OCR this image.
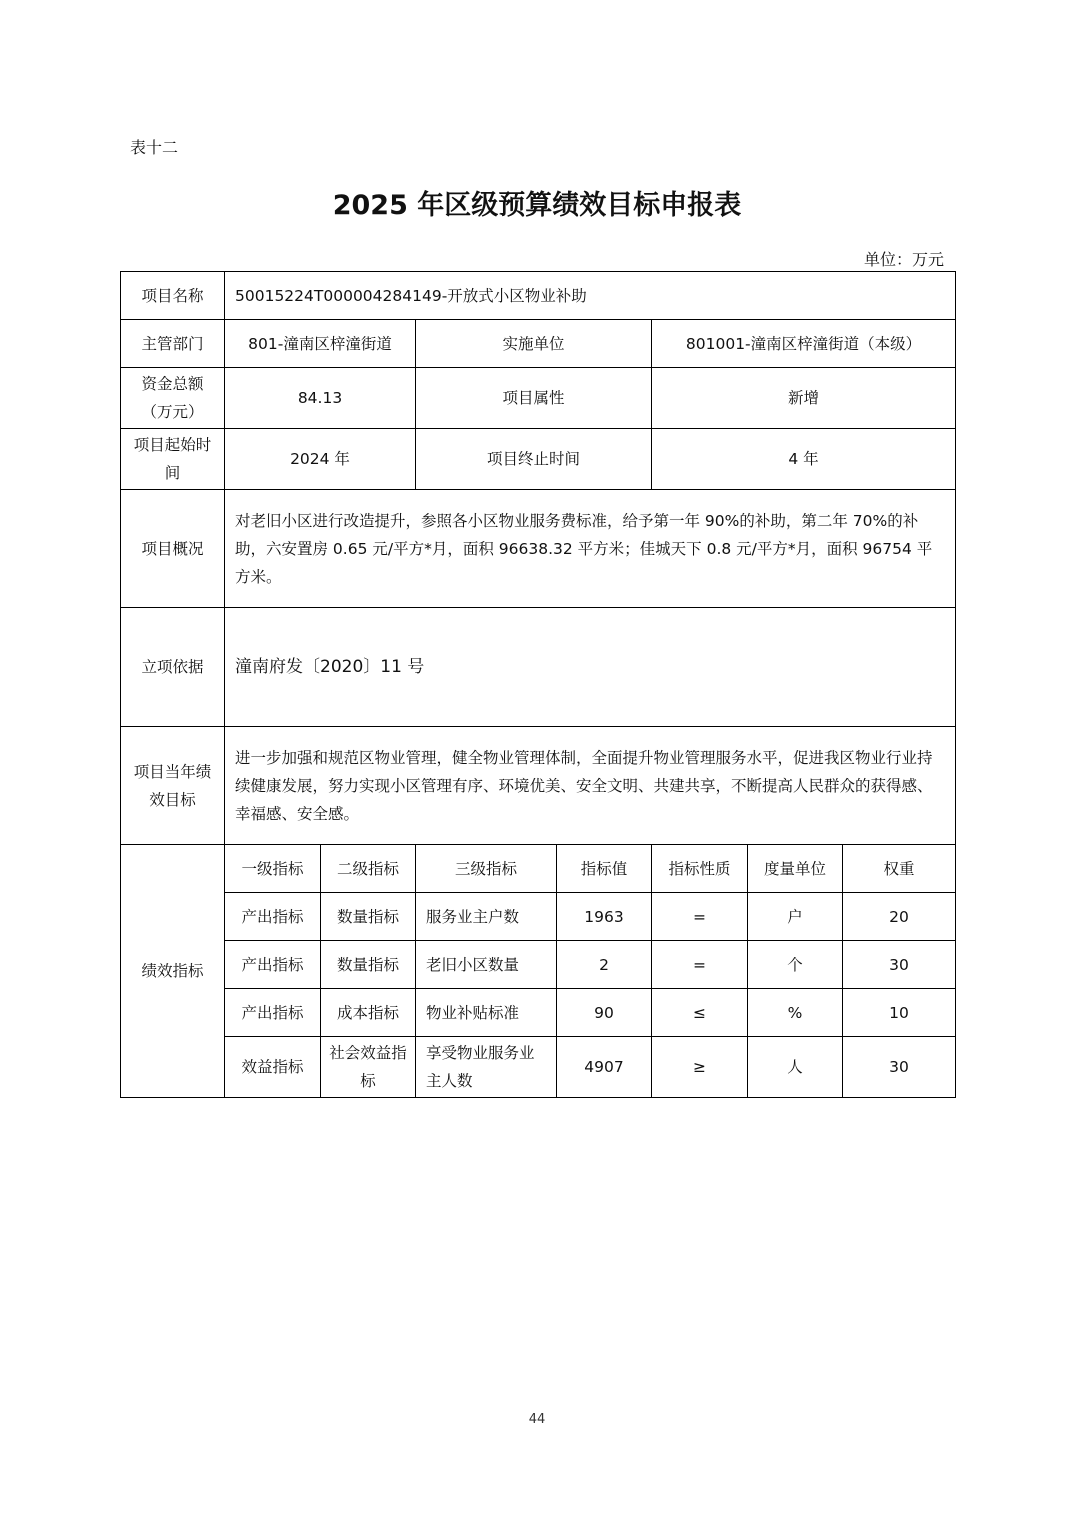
表十二
2025 年区级预算绩效目标申报表
单位：万元
项目名称	50015224T000004284149-开放式小区物业补助						
主管部门	801-潼南区梓潼街道		实施单位		801001-潼南区梓潼街道（本级）		
资金总额（万元）	84.13		项目属性		新增		
项目起始时间	2024 年		项目终止时间		4 年		
项目概况	对老旧小区进行改造提升，参照各小区物业服务费标准，给予第一年 90%的补助，第二年 70%的补助，六安置房 0.65 元/平方*月，面积 96638.32 平方米；佳城天下 0.8 元/平方*月，面积 96754 平方米。						
立项依据	潼南府发〔2020〕11 号						
项目当年绩效目标	进一步加强和规范区物业管理，健全物业管理体制，全面提升物业管理服务水平，促进我区物业行业持续健康发展，努力实现小区管理有序、环境优美、安全文明、共建共享，不断提高人民群众的获得感、幸福感、安全感。						
绩效指标	一级指标	二级指标	三级指标	指标值	指标性质	度量单位	权重
	产出指标	数量指标	服务业主户数	1963	=	户	20
	产出指标	数量指标	老旧小区数量	2	=	个	30
	产出指标	成本指标	物业补贴标准	90	≤	%	10
	效益指标	社会效益指标	享受物业服务业主人数	4907	≥	人	30
44
